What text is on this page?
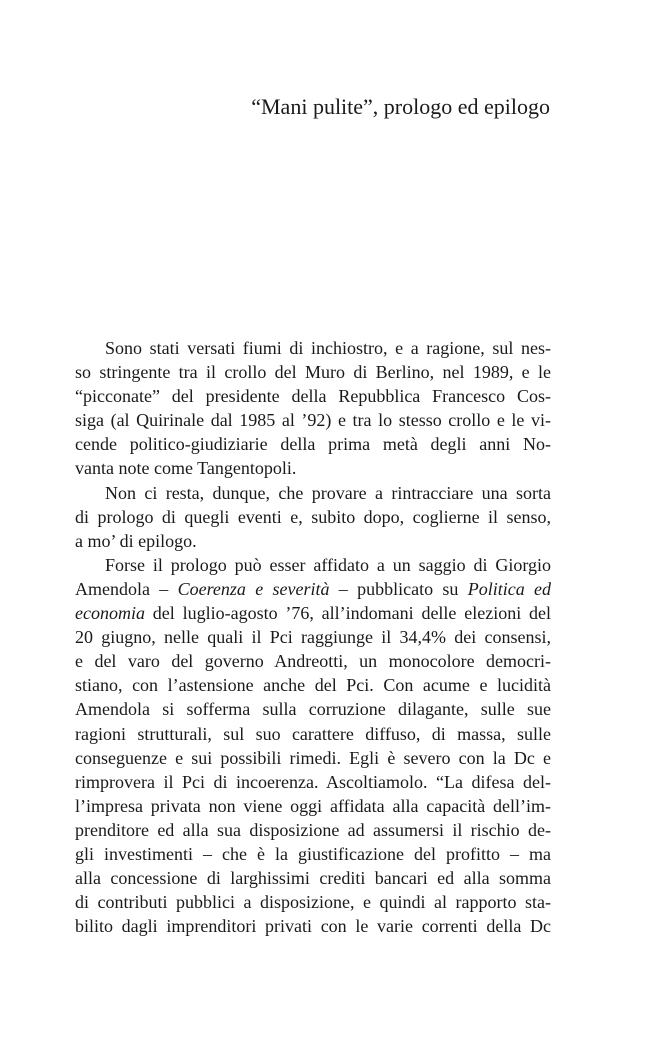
“Mani pulite”, prologo ed epilogo
Sono stati versati fiumi di inchiostro, e a ragione, sul nes-
so stringente tra il crollo del Muro di Berlino, nel 1989, e le
“picconate” del presidente della Repubblica Francesco Cos-
siga (al Quirinale dal 1985 al ’92) e tra lo stesso crollo e le vi-
cende politico-giudiziarie della prima metà degli anni No-
vanta note come Tangentopoli.
Non ci resta, dunque, che provare a rintracciare una sorta
di prologo di quegli eventi e, subito dopo, coglierne il senso,
a mo’ di epilogo.
Forse il prologo può esser affidato a un saggio di Giorgio
Amendola – Coerenza e severità – pubblicato su Politica ed
economia del luglio-agosto ’76, all’indomani delle elezioni del
20 giugno, nelle quali il Pci raggiunge il 34,4% dei consensi,
e del varo del governo Andreotti, un monocolore democri-
stiano, con l’astensione anche del Pci. Con acume e lucidità
Amendola si sofferma sulla corruzione dilagante, sulle sue
ragioni strutturali, sul suo carattere diffuso, di massa, sulle
conseguenze e sui possibili rimedi. Egli è severo con la Dc e
rimprovera il Pci di incoerenza. Ascoltiamolo. “La difesa del-
l’impresa privata non viene oggi affidata alla capacità dell’im-
prenditore ed alla sua disposizione ad assumersi il rischio de-
gli investimenti – che è la giustificazione del profitto – ma
alla concessione di larghissimi crediti bancari ed alla somma
di contributi pubblici a disposizione, e quindi al rapporto sta-
bilito dagli imprenditori privati con le varie correnti della Dc
